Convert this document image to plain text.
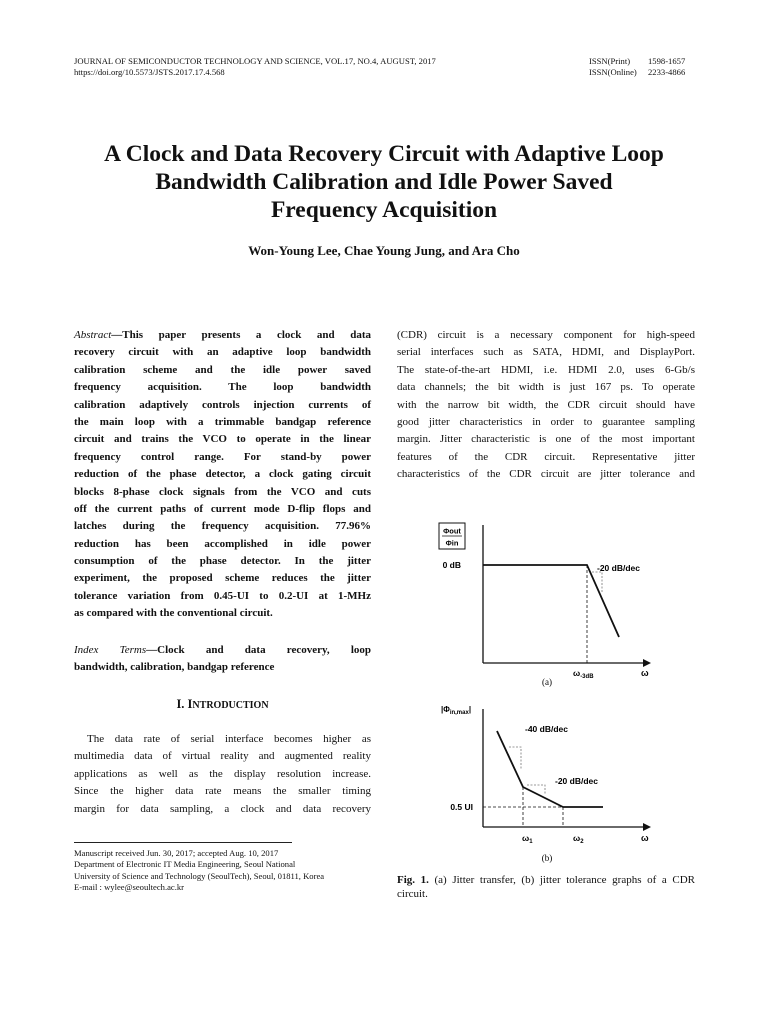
JOURNAL OF SEMICONDUCTOR TECHNOLOGY AND SCIENCE, VOL.17, NO.4, AUGUST, 2017
https://doi.org/10.5573/JSTS.2017.17.4.568
ISSN(Print) 1598-1657
ISSN(Online) 2233-4866
A Clock and Data Recovery Circuit with Adaptive Loop
Bandwidth Calibration and Idle Power Saved
Frequency Acquisition
Won-Young Lee, Chae Young Jung, and Ara Cho
Abstract—This paper presents a clock and data
recovery circuit with an adaptive loop bandwidth
calibration scheme and the idle power saved
frequency acquisition. The loop bandwidth
calibration adaptively controls injection currents of
the main loop with a trimmable bandgap reference
circuit and trains the VCO to operate in the linear
frequency control range. For stand-by power
reduction of the phase detector, a clock gating circuit
blocks 8-phase clock signals from the VCO and cuts
off the current paths of current mode D-flip flops and
latches during the frequency acquisition. 77.96%
reduction has been accomplished in idle power
consumption of the phase detector. In the jitter
experiment, the proposed scheme reduces the jitter
tolerance variation from 0.45-UI to 0.2-UI at 1-MHz
as compared with the conventional circuit.
Index Terms—Clock and data recovery, loop
bandwidth, calibration, bandgap reference
I. INTRODUCTION
The data rate of serial interface becomes higher as
multimedia data of virtual reality and augmented reality
applications as well as the display resolution increase.
Since the higher data rate means the smaller timing
margin for data sampling, a clock and data recovery
(CDR) circuit is a necessary component for high-speed
serial interfaces such as SATA, HDMI, and DisplayPort.
The state-of-the-art HDMI, i.e. HDMI 2.0, uses 6-Gb/s
data channels; the bit width is just 167 ps. To operate
with the narrow bit width, the CDR circuit should have
good jitter characteristics in order to guarantee sampling
margin. Jitter characteristic is one of the most important
features of the CDR circuit. Representative jitter
characteristics of the CDR circuit are jitter tolerance and
Φout
Φin
0 dB	-20 dB/dec
$\omega_{-3dB}$	ω
(a)
$|\Phi_{in,max}|$
0.5 UI
-40 dB/dec
-20 dB/dec
$\omega_1$	$\omega_2$	ω
(b)
Fig. 1. (a) Jitter transfer, (b) jitter tolerance graphs of a CDR circuit.
Manuscript received Jun. 30, 2017; accepted Aug. 10, 2017
Department of Electronic IT Media Engineering, Seoul National
University of Science and Technology (SeoulTech), Seoul, 01811, Korea
E-mail : wylee@seoultech.ac.kr
